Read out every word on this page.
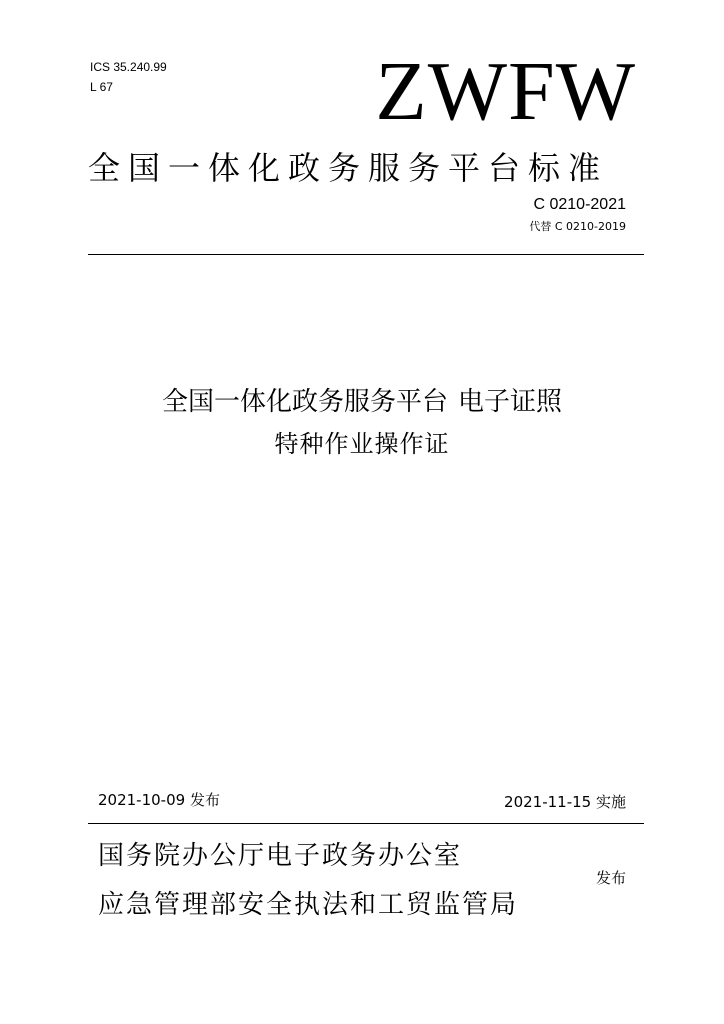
ICS 35.240.99
L 67	ZWFW
全国一体化政务服务平台标准
C 0210-2021
代替 C 0210-2019
全国一体化政务服务平台 电子证照
特种作业操作证
2021-10-09 发布	2021-11-15 实施
国务院办公厅电子政务办公室
应急管理部安全执法和工贸监管局
发布
